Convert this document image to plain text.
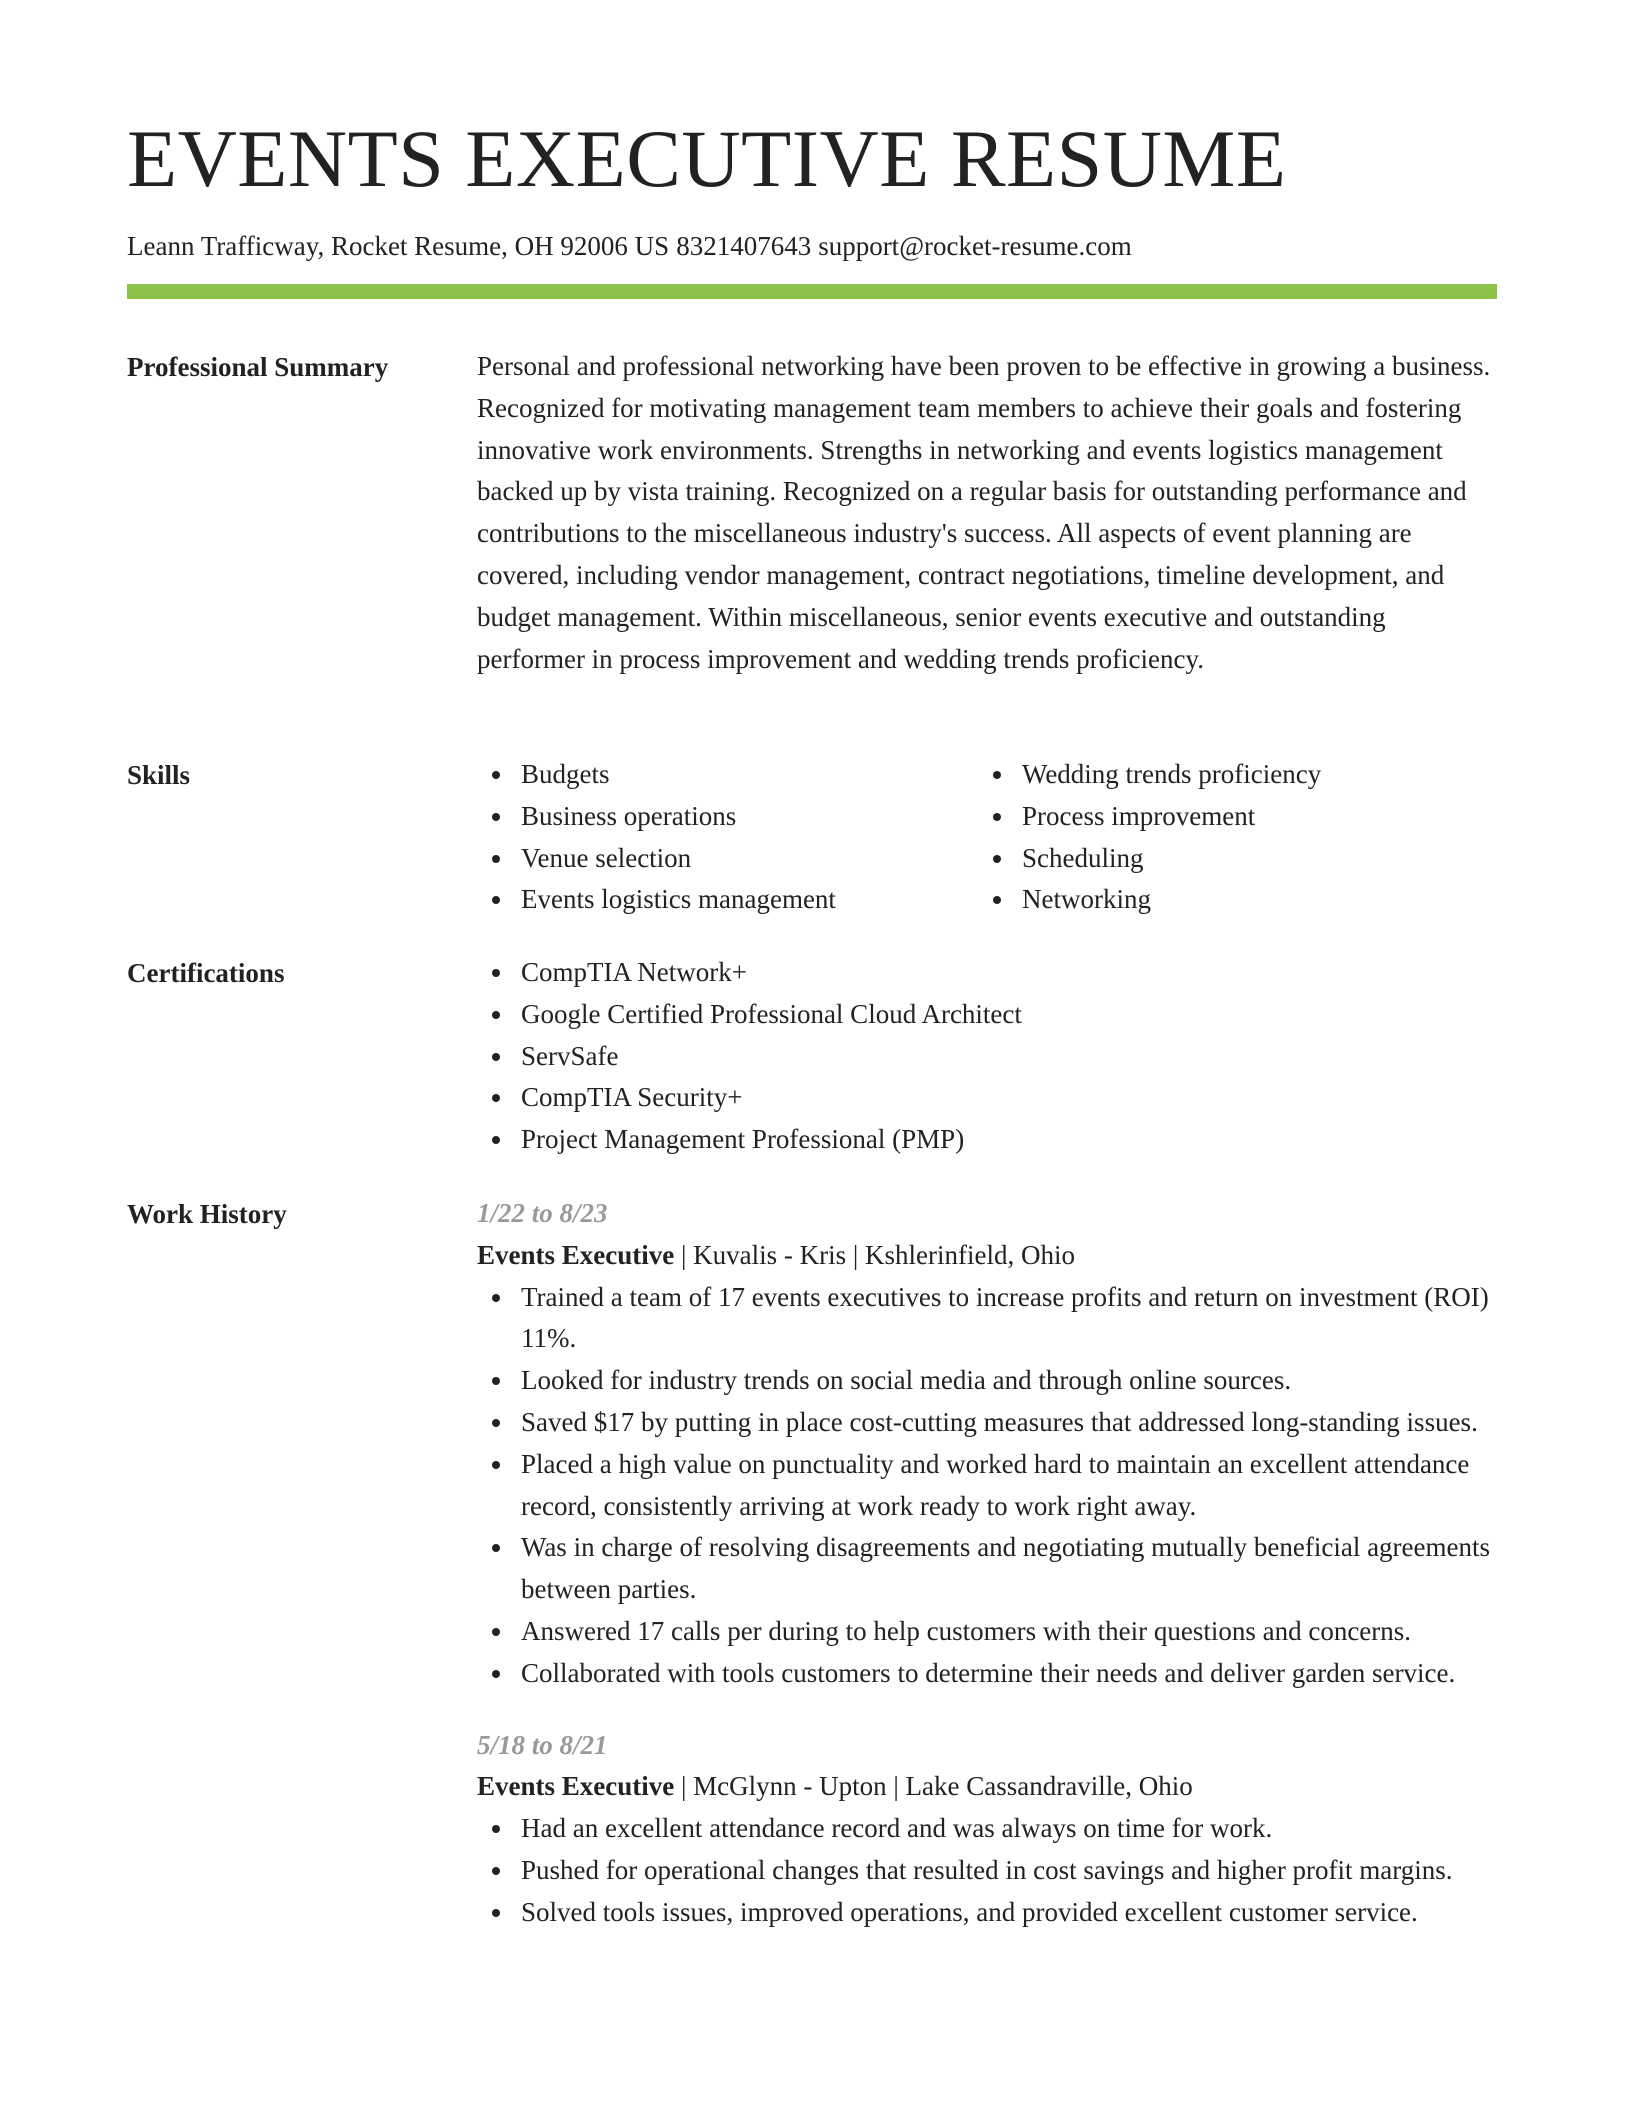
EVENTS EXECUTIVE RESUME
Leann Trafficway, Rocket Resume, OH 92006 US 8321407643 support@rocket-resume.com
Professional Summary	Personal and professional networking have been proven to be effective in growing a business. Recognized for motivating management team members to achieve their goals and fostering innovative work environments. Strengths in networking and events logistics management backed up by vista training. Recognized on a regular basis for outstanding performance and contributions to the miscellaneous industry's success. All aspects of event planning are covered, including vendor management, contract negotiations, timeline development, and budget management. Within miscellaneous, senior events executive and outstanding performer in process improvement and wedding trends proficiency.

Skills	Budgets
Business operations
Venue selection
Events logistics management
Wedding trends proficiency
Process improvement
Scheduling
Networking
Certifications	CompTIA Network+
Google Certified Professional Cloud Architect
ServSafe
CompTIA Security+
Project Management Professional (PMP)
Work History	1/22 to 8/23
Events Executive | Kuvalis - Kris | Kshlerinfield, Ohio
Trained a team of 17 events executives to increase profits and return on investment (ROI) 11%.
Looked for industry trends on social media and through online sources.
Saved $17 by putting in place cost-cutting measures that addressed long-standing issues.
Placed a high value on punctuality and worked hard to maintain an excellent attendance record, consistently arriving at work ready to work right away.
Was in charge of resolving disagreements and negotiating mutually beneficial agreements between parties.
Answered 17 calls per during to help customers with their questions and concerns.
Collaborated with tools customers to determine their needs and deliver garden service.
5/18 to 8/21
Events Executive | McGlynn - Upton | Lake Cassandraville, Ohio
Had an excellent attendance record and was always on time for work.
Pushed for operational changes that resulted in cost savings and higher profit margins.
Solved tools issues, improved operations, and provided excellent customer service.
